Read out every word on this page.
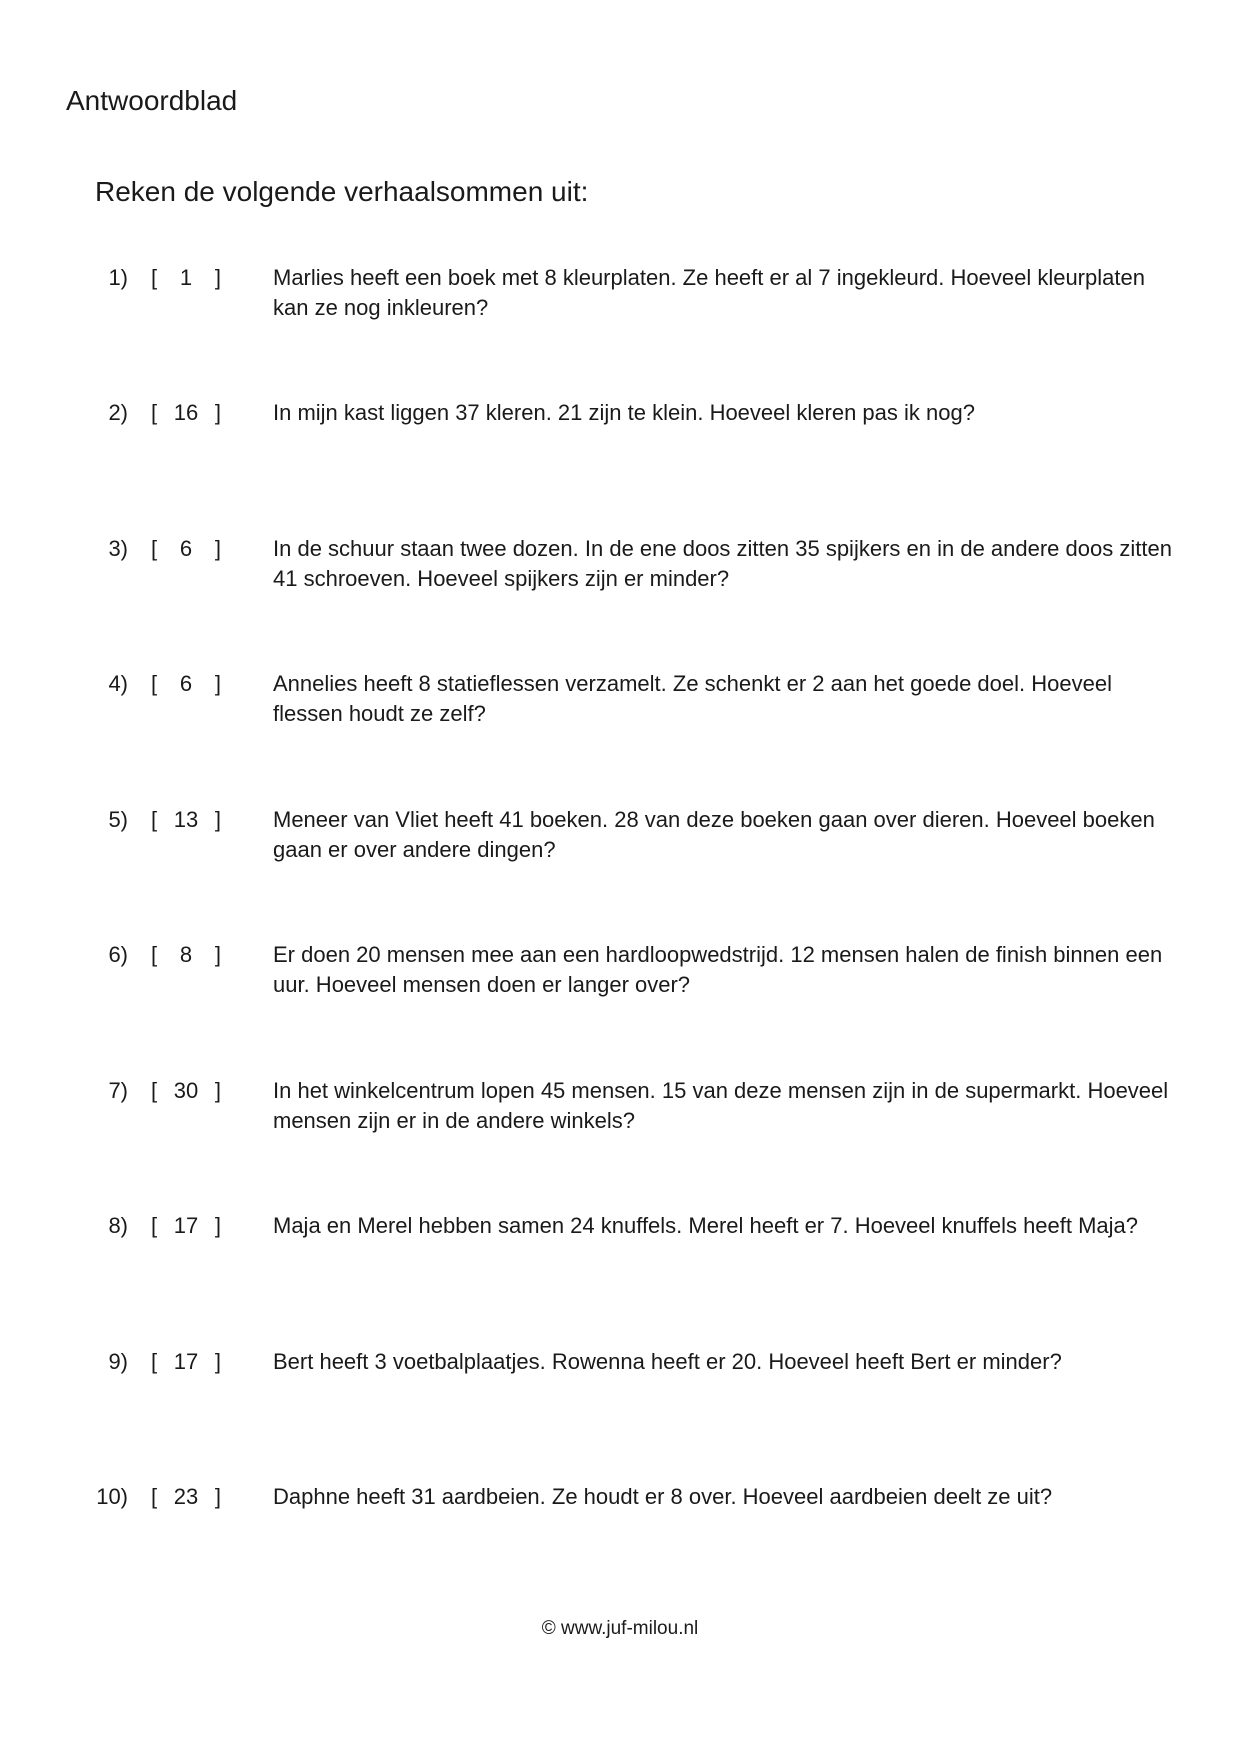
Antwoordblad
Reken de volgende verhaalsommen uit:
1) [	1	] Marlies heeft een boek met 8 kleurplaten. Ze heeft er al 7 ingekleurd. Hoeveel kleurplaten kan ze nog inkleuren?
2) [ 16 ] In mijn kast liggen 37 kleren. 21 zijn te klein. Hoeveel kleren pas ik nog?
3) [	6	] In de schuur staan twee dozen. In de ene doos zitten 35 spijkers en in de andere doos zitten 41 schroeven. Hoeveel spijkers zijn er minder?
4) [	6	] Annelies heeft 8 statieflessen verzamelt. Ze schenkt er 2 aan het goede doel. Hoeveel flessen houdt ze zelf?
5) [ 13 ] Meneer van Vliet heeft 41 boeken. 28 van deze boeken gaan over dieren. Hoeveel boeken gaan er over andere dingen?
6) [	8	] Er doen 20 mensen mee aan een hardloopwedstrijd. 12 mensen halen de finish binnen een uur. Hoeveel mensen doen er langer over?
7) [ 30 ] In het winkelcentrum lopen 45 mensen. 15 van deze mensen zijn in de supermarkt. Hoeveel mensen zijn er in de andere winkels?
8) [ 17 ] Maja en Merel hebben samen 24 knuffels. Merel heeft er 7. Hoeveel knuffels heeft Maja?
9) [ 17 ] Bert heeft 3 voetbalplaatjes. Rowenna heeft er 20. Hoeveel heeft Bert er minder?
10) [ 23 ] Daphne heeft 31 aardbeien. Ze houdt er 8 over. Hoeveel aardbeien deelt ze uit?
© www.juf-milou.nl
